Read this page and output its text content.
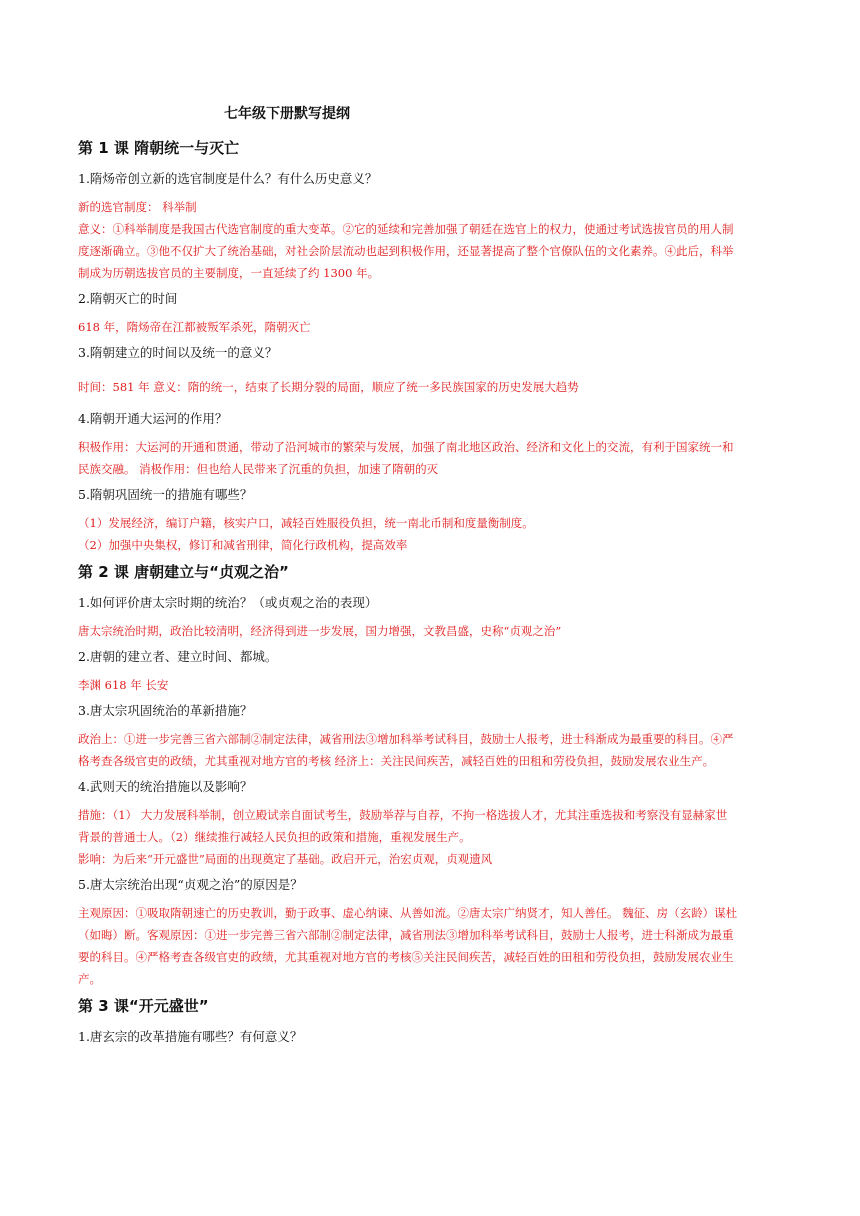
七年级下册默写提纲
第 1 课 隋朝统一与灭亡
1.隋炀帝创立新的选官制度是什么？有什么历史意义？

新的选官制度： 科举制

意义：①科举制度是我国古代选官制度的重大变革。②它的延续和完善加强了朝廷在选官上的权力，使通过考试选拔官员的用人制度逐渐确立。③他不仅扩大了统治基础，对社会阶层流动也起到积极作用，还显著提高了整个官僚队伍的文化素养。④此后，科举制成为历朝选拔官员的主要制度，一直延续了约 1300 年。

2.隋朝灭亡的时间

618 年，隋炀帝在江都被叛军杀死，隋朝灭亡

3.隋朝建立的时间以及统一的意义？

时间：581 年 意义：隋的统一，结束了长期分裂的局面，顺应了统一多民族国家的历史发展大趋势

4.隋朝开通大运河的作用？

积极作用：大运河的开通和贯通，带动了沿河城市的繁荣与发展，加强了南北地区政治、经济和文化上的交流，有利于国家统一和民族交融。 消极作用：但也给人民带来了沉重的负担，加速了隋朝的灭

5.隋朝巩固统一的措施有哪些？

（1）发展经济，编订户籍，核实户口，减轻百姓服役负担，统一南北币制和度量衡制度。

（2）加强中央集权，修订和减省刑律，简化行政机构，提高效率

第 2 课 唐朝建立与“贞观之治”
1.如何评价唐太宗时期的统治？（或贞观之治的表现）

唐太宗统治时期，政治比较清明，经济得到进一步发展，国力增强，文教昌盛，史称“贞观之治”

2.唐朝的建立者、建立时间、都城。

李渊 618 年 长安

3.唐太宗巩固统治的革新措施？

政治上：①进一步完善三省六部制②制定法律，减省刑法③增加科举考试科目，鼓励士人报考，进士科渐成为最重要的科目。④严格考查各级官吏的政绩，尤其重视对地方官的考核 经济上：关注民间疾苦，减轻百姓的田租和劳役负担，鼓励发展农业生产。

4.武则天的统治措施以及影响？

措施：（1） 大力发展科举制，创立殿试亲自面试考生，鼓励举荐与自荐，不拘一格选拔人才，尤其注重选拔和考察没有显赫家世背景的普通士人。（2）继续推行减轻人民负担的政策和措施，重视发展生产。

影响：为后来“开元盛世”局面的出现奠定了基础。政启开元，治宏贞观，贞观遗风

5.唐太宗统治出现“贞观之治”的原因是？

主观原因：①吸取隋朝速亡的历史教训，勤于政事、虚心纳谏、从善如流。②唐太宗广纳贤才，知人善任。 魏征、房（玄龄）谋杜（如晦）断。客观原因：①进一步完善三省六部制②制定法律，减省刑法③增加科举考试科目，鼓励士人报考，进士科渐成为最重要的科目。④严格考查各级官吏的政绩，尤其重视对地方官的考核⑤关注民间疾苦，减轻百姓的田租和劳役负担，鼓励发展农业生产。

第 3 课“开元盛世”
1.唐玄宗的改革措施有哪些？有何意义？
